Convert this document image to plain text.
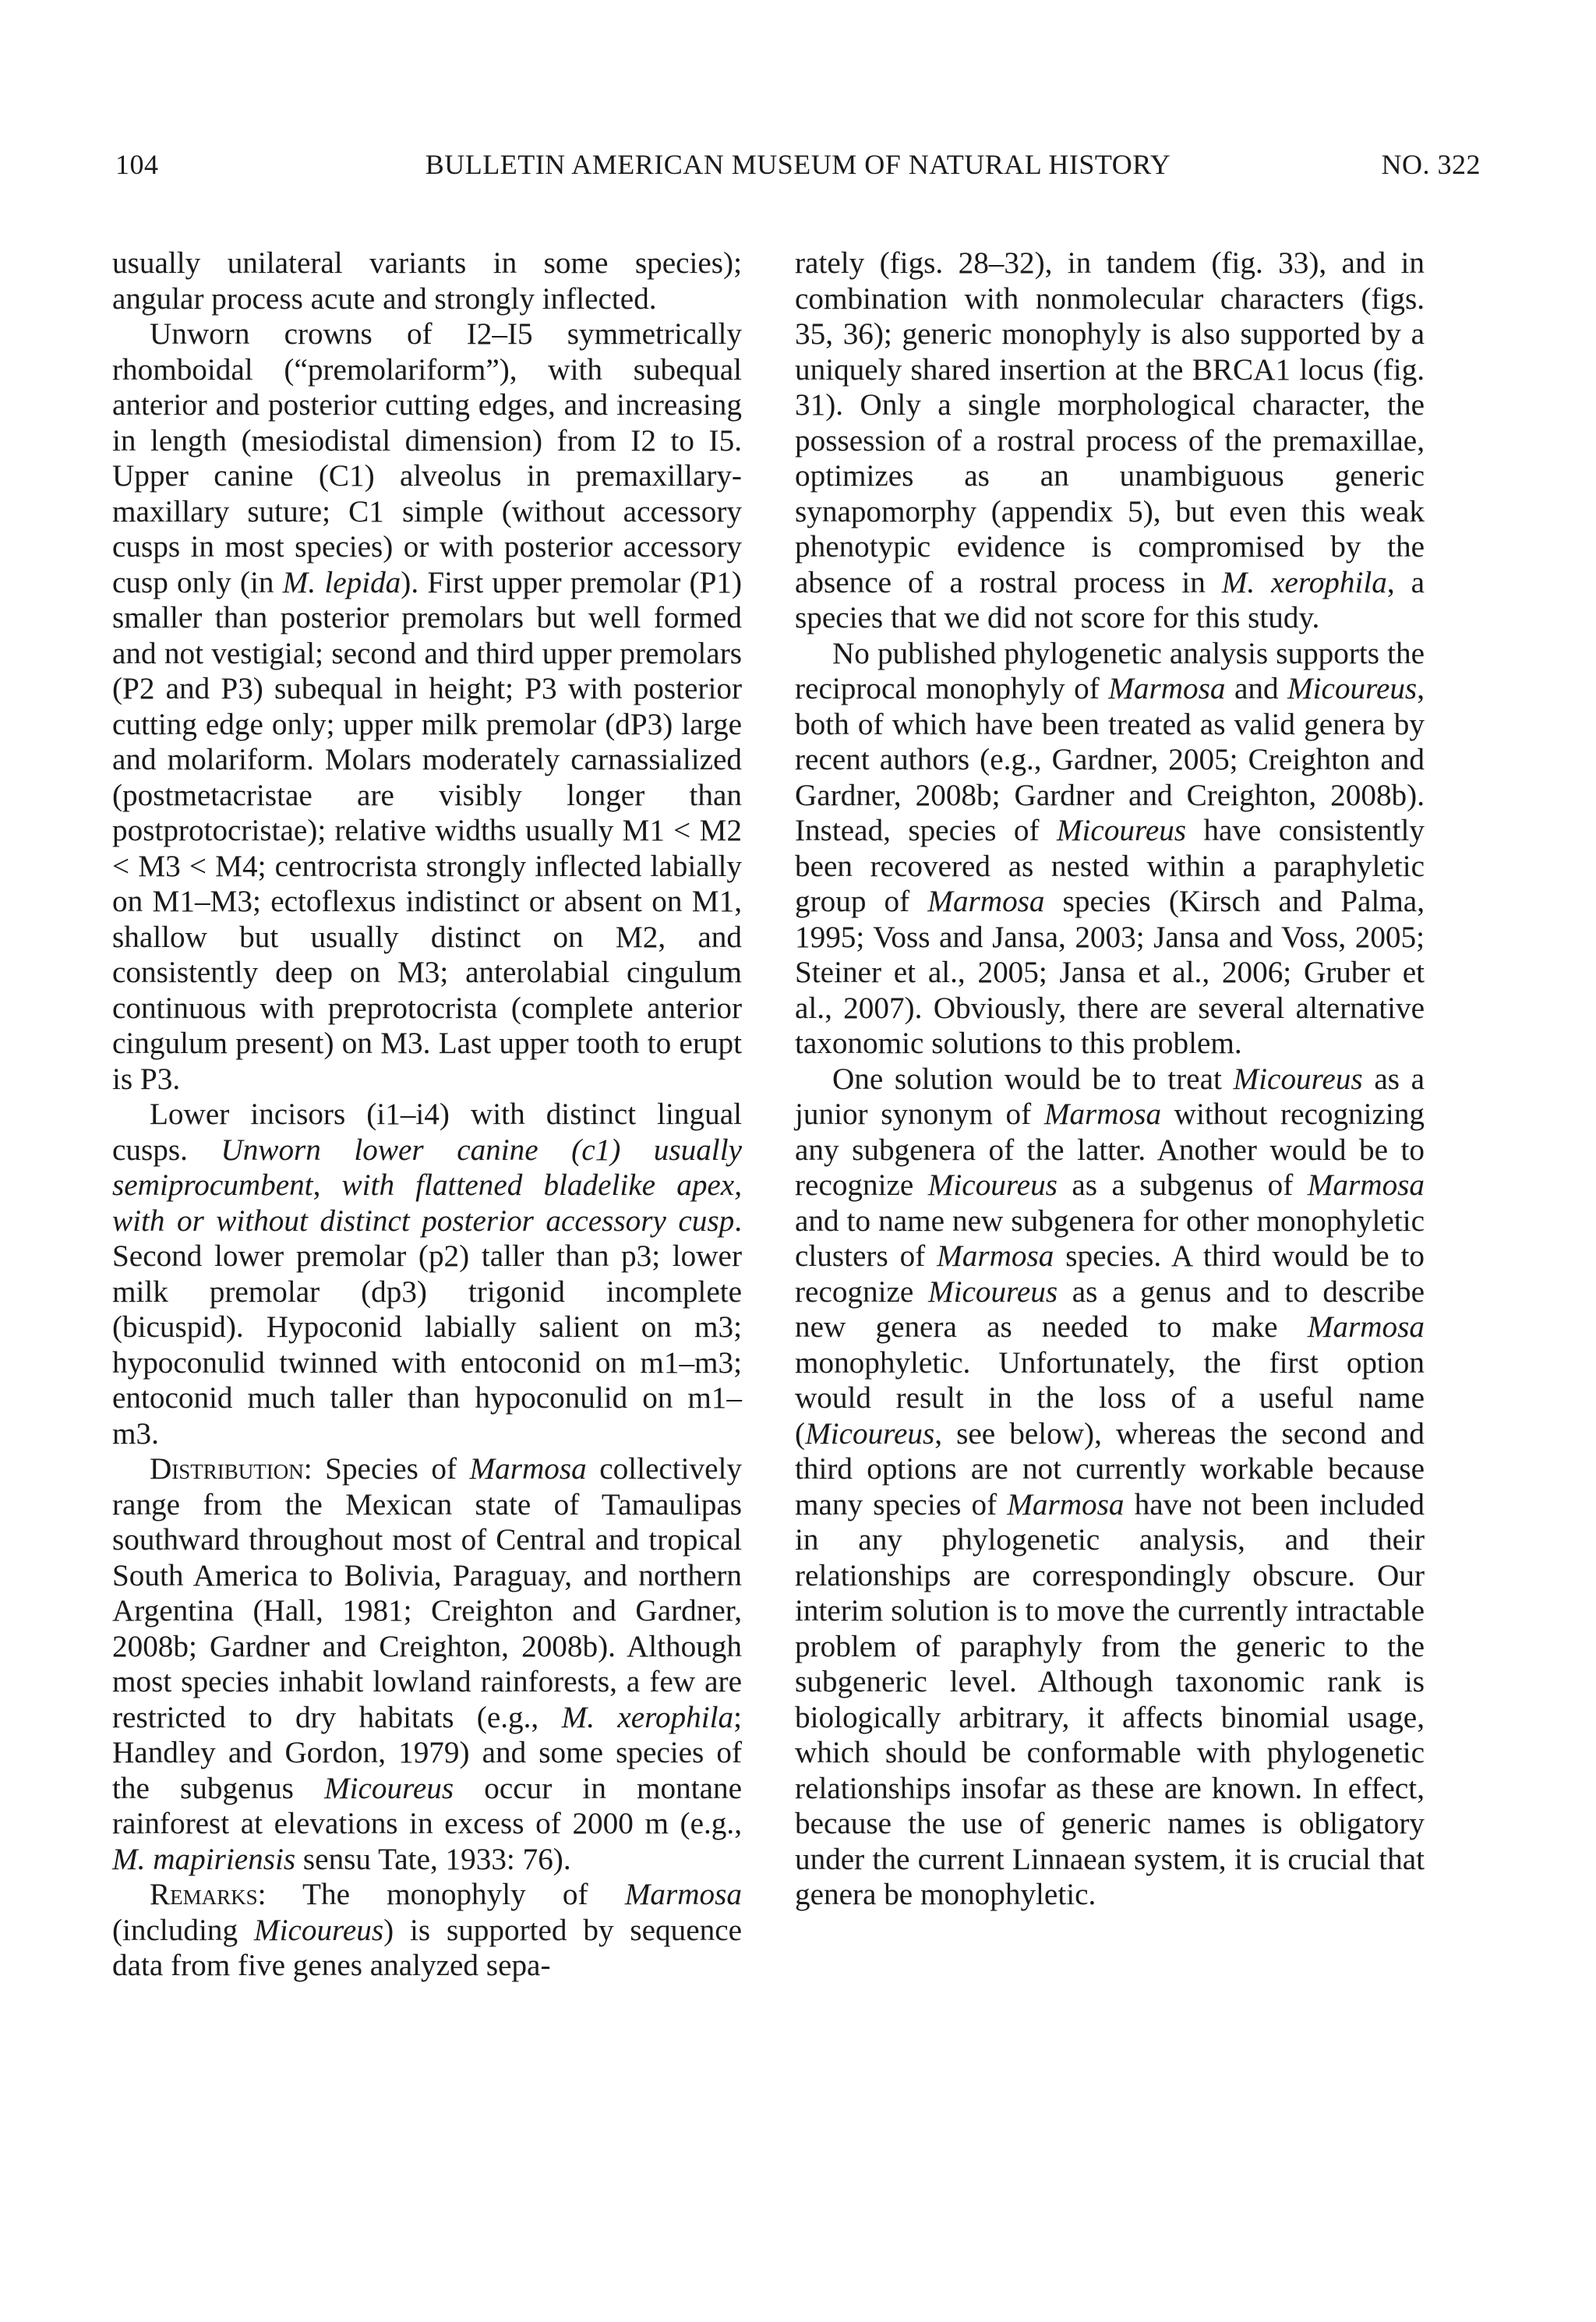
104	BULLETIN AMERICAN MUSEUM OF NATURAL HISTORY	NO. 322

usually unilateral variants in some species); angular process acute and strongly inflected.

Unworn crowns of I2–I5 symmetrically rhomboidal (“premolariform”), with subequal anterior and posterior cutting edges, and increasing in length (mesiodistal dimension) from I2 to I5. Upper canine (C1) alveolus in premaxillary-maxillary suture; C1 simple (without accessory cusps in most species) or with posterior accessory cusp only (in M. lepida). First upper premolar (P1) smaller than posterior premolars but well formed and not vestigial; second and third upper premolars (P2 and P3) subequal in height; P3 with posterior cutting edge only; upper milk premolar (dP3) large and molariform. Molars moderately carnassialized (postmetacristae are visibly longer than postprotocristae); relative widths usually M1 < M2 < M3 < M4; centrocrista strongly inflected labially on M1–M3; ectoflexus indistinct or absent on M1, shallow but usually distinct on M2, and consistently deep on M3; anterolabial cingulum continuous with preprotocrista (complete anterior cingulum present) on M3. Last upper tooth to erupt is P3.

Lower incisors (i1–i4) with distinct lingual cusps. Unworn lower canine (c1) usually semiprocumbent, with flattened bladelike apex, with or without distinct posterior accessory cusp. Second lower premolar (p2) taller than p3; lower milk premolar (dp3) trigonid incomplete (bicuspid). Hypoconid labially salient on m3; hypoconulid twinned with entoconid on m1–m3; entoconid much taller than hypoconulid on m1–m3.

Distribution: Species of Marmosa collectively range from the Mexican state of Tamaulipas southward throughout most of Central and tropical South America to Bolivia, Paraguay, and northern Argentina (Hall, 1981; Creighton and Gardner, 2008b; Gardner and Creighton, 2008b). Although most species inhabit lowland rainforests, a few are restricted to dry habitats (e.g., M. xerophila; Handley and Gordon, 1979) and some species of the subgenus Micoureus occur in montane rainforest at elevations in excess of 2000 m (e.g., M. mapiriensis sensu Tate, 1933: 76).

Remarks: The monophyly of Marmosa (including Micoureus) is supported by sequence data from five genes analyzed sepa-

rately (figs. 28–32), in tandem (fig. 33), and in combination with nonmolecular characters (figs. 35, 36); generic monophyly is also supported by a uniquely shared insertion at the BRCA1 locus (fig. 31). Only a single morphological character, the possession of a rostral process of the premaxillae, optimizes as an unambiguous generic synapomorphy (appendix 5), but even this weak phenotypic evidence is compromised by the absence of a rostral process in M. xerophila, a species that we did not score for this study.

No published phylogenetic analysis supports the reciprocal monophyly of Marmosa and Micoureus, both of which have been treated as valid genera by recent authors (e.g., Gardner, 2005; Creighton and Gardner, 2008b; Gardner and Creighton, 2008b). Instead, species of Micoureus have consistently been recovered as nested within a paraphyletic group of Marmosa species (Kirsch and Palma, 1995; Voss and Jansa, 2003; Jansa and Voss, 2005; Steiner et al., 2005; Jansa et al., 2006; Gruber et al., 2007). Obviously, there are several alternative taxonomic solutions to this problem.

One solution would be to treat Micoureus as a junior synonym of Marmosa without recognizing any subgenera of the latter. Another would be to recognize Micoureus as a subgenus of Marmosa and to name new subgenera for other monophyletic clusters of Marmosa species. A third would be to recognize Micoureus as a genus and to describe new genera as needed to make Marmosa monophyletic. Unfortunately, the first option would result in the loss of a useful name (Micoureus, see below), whereas the second and third options are not currently workable because many species of Marmosa have not been included in any phylogenetic analysis, and their relationships are correspondingly obscure. Our interim solution is to move the currently intractable problem of paraphyly from the generic to the subgeneric level. Although taxonomic rank is biologically arbitrary, it affects binomial usage, which should be conformable with phylogenetic relationships insofar as these are known. In effect, because the use of generic names is obligatory under the current Linnaean system, it is crucial that genera be monophyletic.
